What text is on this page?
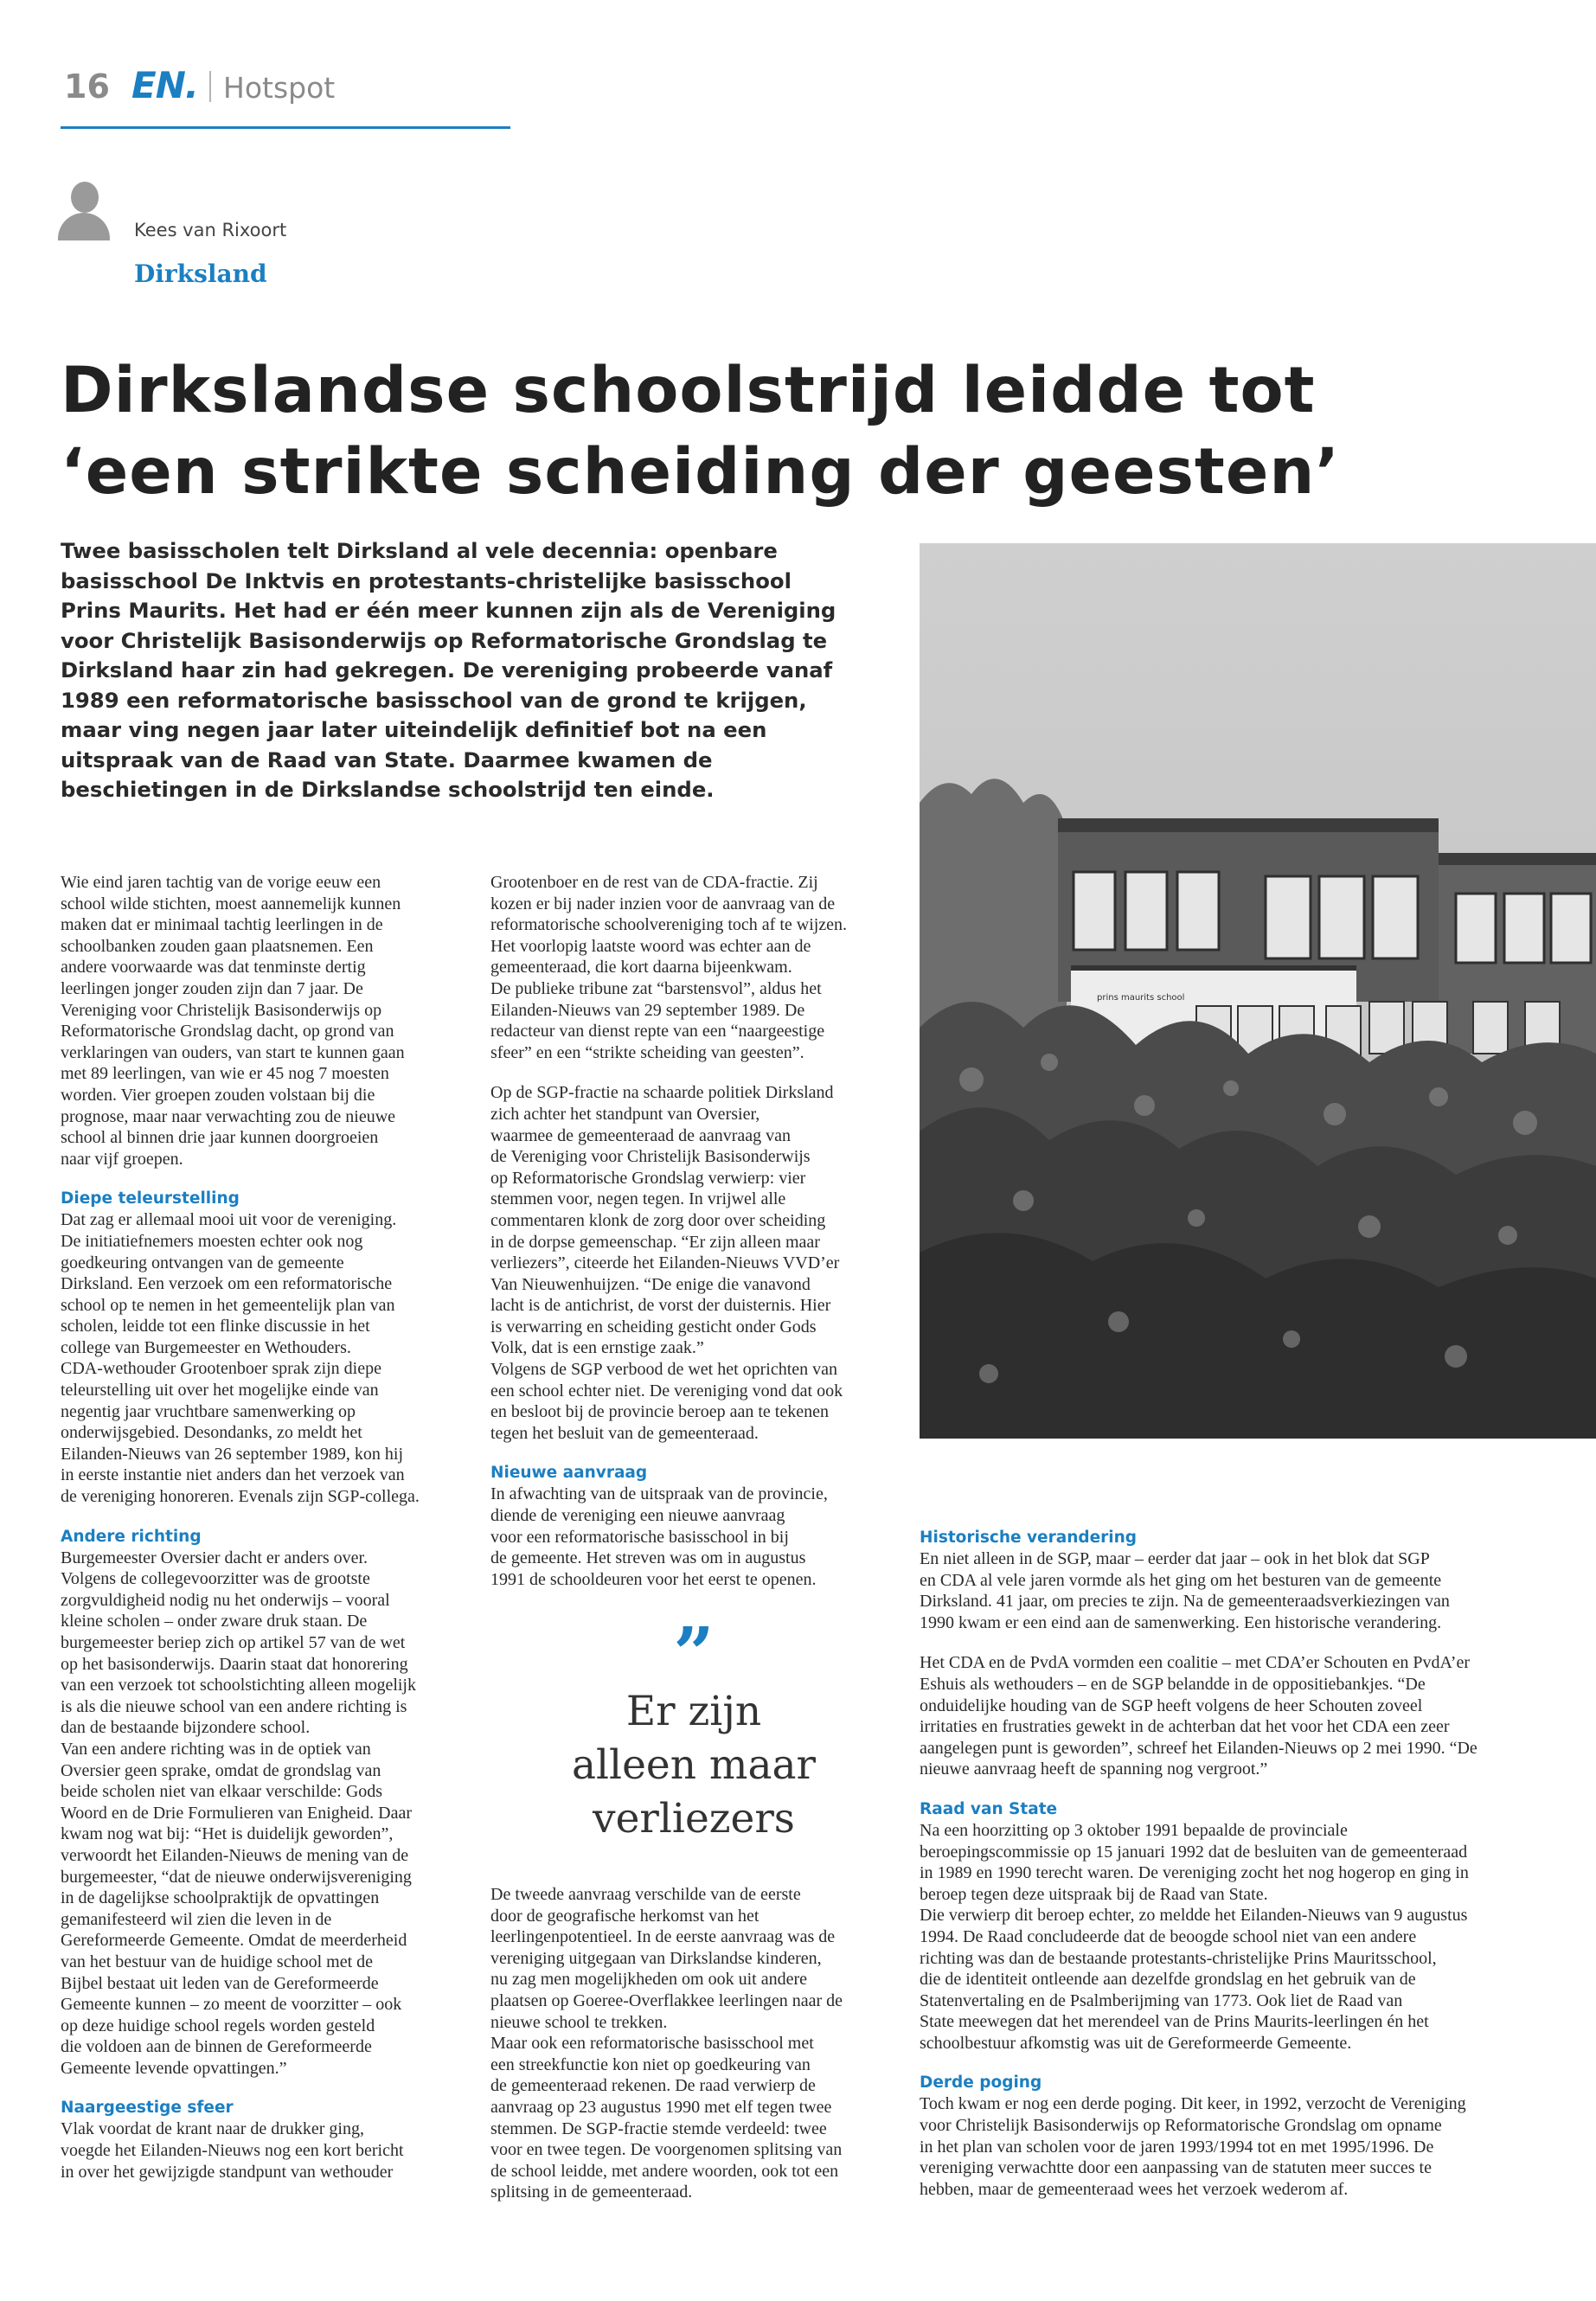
16 EN. Hotspot
Kees van Rixoort
Dirksland
Dirkslandse schoolstrijd leidde tot
‘een strikte scheiding der geesten’

Twee basisscholen telt Dirksland al vele decennia: openbare basisschool De Inktvis en protestants-christelijke basisschool Prins Maurits. Het had er één meer kunnen zijn als de Vereniging voor Christelijk Basisonderwijs op Reformatorische Grondslag te Dirksland haar zin had gekregen. De vereniging probeerde vanaf 1989 een reformatorische basisschool van de grond te krijgen, maar ving negen jaar later uiteindelijk definitief bot na een uitspraak van de Raad van State. Daarmee kwamen de beschietingen in de Dirkslandse schoolstrijd ten einde.

prins maurits school

Wie eind jaren tachtig van de vorige eeuw een
school wilde stichten, moest aannemelijk kunnen
maken dat er minimaal tachtig leerlingen in de
schoolbanken zouden gaan plaatsnemen. Een
andere voorwaarde was dat tenminste dertig
leerlingen jonger zouden zijn dan 7 jaar. De
Vereniging voor Christelijk Basisonderwijs op
Reformatorische Grondslag dacht, op grond van
verklaringen van ouders, van start te kunnen gaan
met 89 leerlingen, van wie er 45 nog 7 moesten
worden. Vier groepen zouden volstaan bij die
prognose, maar naar verwachting zou de nieuwe
school al binnen drie jaar kunnen doorgroeien
naar vijf groepen.

Diepe teleurstelling

Dat zag er allemaal mooi uit voor de vereniging.
De initiatiefnemers moesten echter ook nog
goedkeuring ontvangen van de gemeente
Dirksland. Een verzoek om een reformatorische
school op te nemen in het gemeentelijk plan van
scholen, leidde tot een flinke discussie in het
college van Burgemeester en Wethouders.
CDA-wethouder Grootenboer sprak zijn diepe
teleurstelling uit over het mogelijke einde van
negentig jaar vruchtbare samenwerking op
onderwijsgebied. Desondanks, zo meldt het
Eilanden-Nieuws van 26 september 1989, kon hij
in eerste instantie niet anders dan het verzoek van
de vereniging honoreren. Evenals zijn SGP-collega.

Andere richting

Burgemeester Oversier dacht er anders over.
Volgens de collegevoorzitter was de grootste
zorgvuldigheid nodig nu het onderwijs – vooral
kleine scholen – onder zware druk staan. De
burgemeester beriep zich op artikel 57 van de wet
op het basisonderwijs. Daarin staat dat honorering
van een verzoek tot schoolstichting alleen mogelijk
is als die nieuwe school van een andere richting is
dan de bestaande bijzondere school.
Van een andere richting was in de optiek van
Oversier geen sprake, omdat de grondslag van
beide scholen niet van elkaar verschilde: Gods
Woord en de Drie Formulieren van Enigheid. Daar
kwam nog wat bij: “Het is duidelijk geworden”,
verwoordt het Eilanden-Nieuws de mening van de
burgemeester, “dat de nieuwe onderwijsvereniging
in de dagelijkse schoolpraktijk de opvattingen
gemanifesteerd wil zien die leven in de
Gereformeerde Gemeente. Omdat de meerderheid
van het bestuur van de huidige school met de
Bijbel bestaat uit leden van de Gereformeerde
Gemeente kunnen – zo meent de voorzitter – ook
op deze huidige school regels worden gesteld
die voldoen aan de binnen de Gereformeerde
Gemeente levende opvattingen.”

Naargeestige sfeer

Vlak voordat de krant naar de drukker ging,
voegde het Eilanden-Nieuws nog een kort bericht
in over het gewijzigde standpunt van wethouder

Grootenboer en de rest van de CDA-fractie. Zij
kozen er bij nader inzien voor de aanvraag van de
reformatorische schoolvereniging toch af te wijzen.
Het voorlopig laatste woord was echter aan de
gemeenteraad, die kort daarna bijeenkwam.
De publieke tribune zat “barstensvol”, aldus het
Eilanden-Nieuws van 29 september 1989. De
redacteur van dienst repte van een “naargeestige
sfeer” en een “strikte scheiding van geesten”.

Op de SGP-fractie na schaarde politiek Dirksland
zich achter het standpunt van Oversier,
waarmee de gemeenteraad de aanvraag van
de Vereniging voor Christelijk Basisonderwijs
op Reformatorische Grondslag verwierp: vier
stemmen voor, negen tegen. In vrijwel alle
commentaren klonk de zorg door over scheiding
in de dorpse gemeenschap. “Er zijn alleen maar
verliezers”, citeerde het Eilanden-Nieuws VVD’er
Van Nieuwenhuijzen. “De enige die vanavond
lacht is de antichrist, de vorst der duisternis. Hier
is verwarring en scheiding gesticht onder Gods
Volk, dat is een ernstige zaak.”
Volgens de SGP verbood de wet het oprichten van
een school echter niet. De vereniging vond dat ook
en besloot bij de provincie beroep aan te tekenen
tegen het besluit van de gemeenteraad.

Nieuwe aanvraag

In afwachting van de uitspraak van de provincie,
diende de vereniging een nieuwe aanvraag
voor een reformatorische basisschool in bij
de gemeente. Het streven was om in augustus
1991 de schooldeuren voor het eerst te openen.

”
Er zijn
alleen maar
verliezers

De tweede aanvraag verschilde van de eerste
door de geografische herkomst van het
leerlingenpotentieel. In de eerste aanvraag was de
vereniging uitgegaan van Dirkslandse kinderen,
nu zag men mogelijkheden om ook uit andere
plaatsen op Goeree-Overflakkee leerlingen naar de
nieuwe school te trekken.
Maar ook een reformatorische basisschool met
een streekfunctie kon niet op goedkeuring van
de gemeenteraad rekenen. De raad verwierp de
aanvraag op 23 augustus 1990 met elf tegen twee
stemmen. De SGP-fractie stemde verdeeld: twee
voor en twee tegen. De voorgenomen splitsing van
de school leidde, met andere woorden, ook tot een
splitsing in de gemeenteraad.

Historische verandering

En niet alleen in de SGP, maar – eerder dat jaar – ook in het blok dat SGP
en CDA al vele jaren vormde als het ging om het besturen van de gemeente
Dirksland. 41 jaar, om precies te zijn. Na de gemeenteraadsverkiezingen van
1990 kwam er een eind aan de samenwerking. Een historische verandering.

Het CDA en de PvdA vormden een coalitie – met CDA’er Schouten en PvdA’er
Eshuis als wethouders – en de SGP belandde in de oppositiebankjes. “De
onduidelijke houding van de SGP heeft volgens de heer Schouten zoveel
irritaties en frustraties gewekt in de achterban dat het voor het CDA een zeer
aangelegen punt is geworden”, schreef het Eilanden-Nieuws op 2 mei 1990. “De
nieuwe aanvraag heeft de spanning nog vergroot.”

Raad van State

Na een hoorzitting op 3 oktober 1991 bepaalde de provinciale
beroepingscommissie op 15 januari 1992 dat de besluiten van de gemeenteraad
in 1989 en 1990 terecht waren. De vereniging zocht het nog hogerop en ging in
beroep tegen deze uitspraak bij de Raad van State.
Die verwierp dit beroep echter, zo meldde het Eilanden-Nieuws van 9 augustus
1994. De Raad concludeerde dat de beoogde school niet van een andere
richting was dan de bestaande protestants-christelijke Prins Mauritsschool,
die de identiteit ontleende aan dezelfde grondslag en het gebruik van de
Statenvertaling en de Psalmberijming van 1773. Ook liet de Raad van
State meewegen dat het merendeel van de Prins Maurits-leerlingen én het
schoolbestuur afkomstig was uit de Gereformeerde Gemeente.

Derde poging

Toch kwam er nog een derde poging. Dit keer, in 1992, verzocht de Vereniging
voor Christelijk Basisonderwijs op Reformatorische Grondslag om opname
in het plan van scholen voor de jaren 1993/1994 tot en met 1995/1996. De
vereniging verwachtte door een aanpassing van de statuten meer succes te
hebben, maar de gemeenteraad wees het verzoek wederom af.
